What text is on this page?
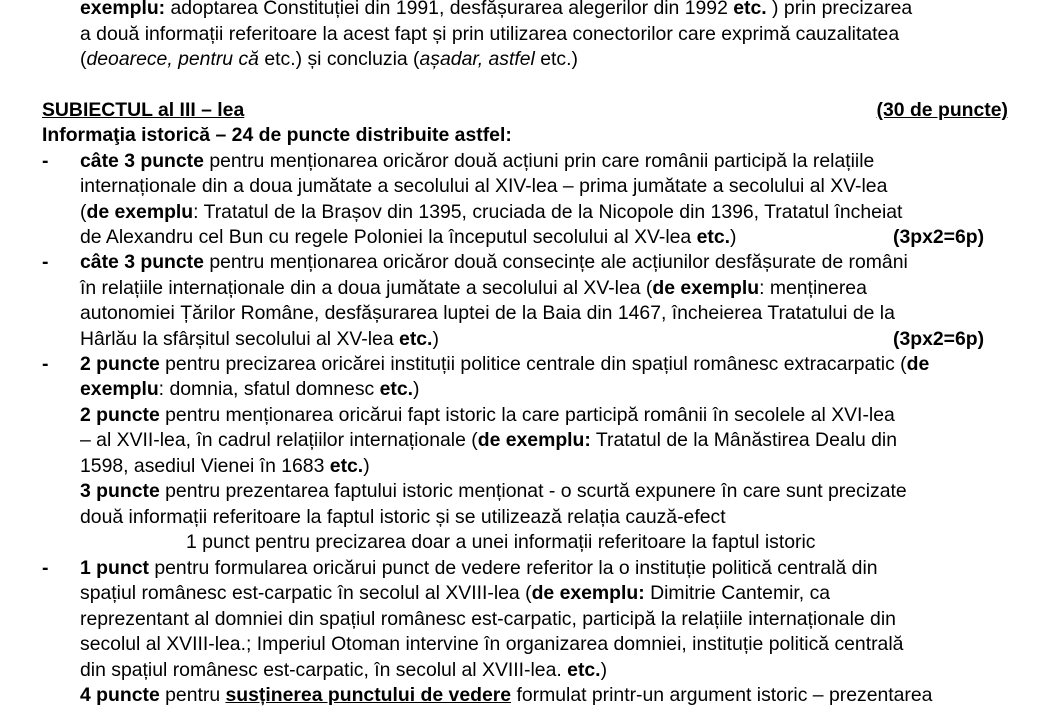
exemplu: adoptarea Constituției din 1991, desfășurarea alegerilor din 1992 etc. ) prin precizarea
a două informații referitoare la acest fapt și prin utilizarea conectorilor care exprimă cauzalitatea
(deoarece, pentru că etc.) și concluzia (așadar, astfel etc.)
SUBIECTUL al III – lea	(30 de puncte)
Informaţia istorică – 24 de puncte distribuite astfel:
- câte 3 puncte pentru menționarea oricăror două acțiuni prin care românii participă la relațiile
internaționale din a doua jumătate a secolului al XIV-lea – prima jumătate a secolului al XV-lea
(de exemplu: Tratatul de la Brașov din 1395, cruciada de la Nicopole din 1396, Tratatul încheiat
de Alexandru cel Bun cu regele Poloniei la începutul secolului al XV-lea etc.)	(3px2=6p)
- câte 3 puncte pentru menționarea oricăror două consecințe ale acțiunilor desfășurate de români
în relațiile internaționale din a doua jumătate a secolului al XV-lea (de exemplu: menținerea
autonomiei Țărilor Române, desfășurarea luptei de la Baia din 1467, încheierea Tratatului de la
Hârlău la sfârșitul secolului al XV-lea etc.)	(3px2=6p)
- 2 puncte pentru precizarea oricărei instituții politice centrale din spațiul românesc extracarpatic (de
exemplu: domnia, sfatul domnesc etc.)
2 puncte pentru menționarea oricărui fapt istoric la care participă românii în secolele al XVI-lea
– al XVII-lea, în cadrul relațiilor internaționale (de exemplu: Tratatul de la Mânăstirea Dealu din
1598, asediul Vienei în 1683 etc.)
3 puncte pentru prezentarea faptului istoric menționat - o scurtă expunere în care sunt precizate
două informații referitoare la faptul istoric și se utilizează relația cauză-efect
1 punct pentru precizarea doar a unei informații referitoare la faptul istoric
- 1 punct pentru formularea oricărui punct de vedere referitor la o instituție politică centrală din
spațiul românesc est-carpatic în secolul al XVIII-lea (de exemplu: Dimitrie Cantemir, ca
reprezentant al domniei din spațiul românesc est-carpatic, participă la relațiile internaționale din
secolul al XVIII-lea.; Imperiul Otoman intervine în organizarea domniei, instituție politică centrală
din spațiul românesc est-carpatic, în secolul al XVIII-lea. etc.)
4 puncte pentru susținerea punctului de vedere formulat printr-un argument istoric – prezentarea
